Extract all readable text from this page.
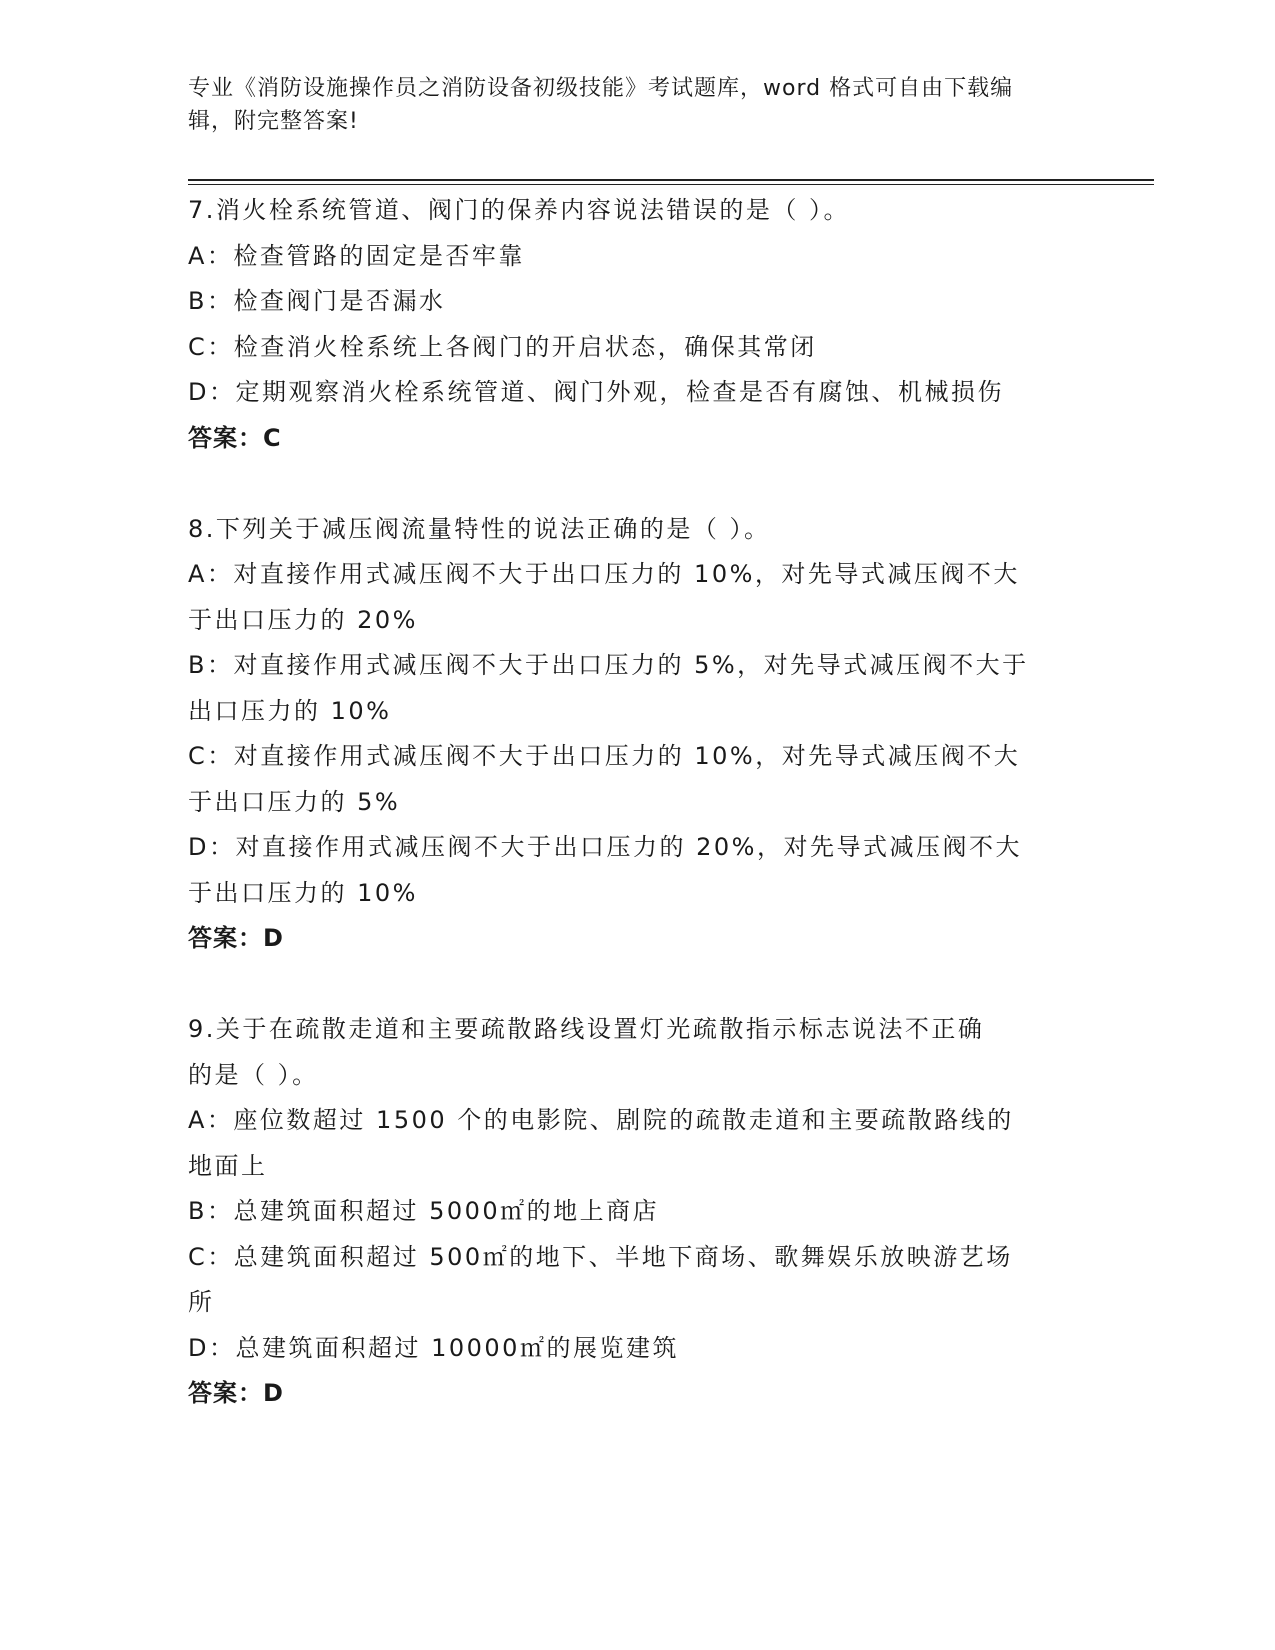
专业《消防设施操作员之消防设备初级技能》考试题库，word 格式可自由下载编
辑，附完整答案!
7.消火栓系统管道、阀门的保养内容说法错误的是（ ）。
A：检查管路的固定是否牢靠
B：检查阀门是否漏水
C：检查消火栓系统上各阀门的开启状态，确保其常闭
D：定期观察消火栓系统管道、阀门外观，检查是否有腐蚀、机械损伤
答案：C
8.下列关于减压阀流量特性的说法正确的是（ ）。
A：对直接作用式减压阀不大于出口压力的 10%，对先导式减压阀不大
于出口压力的 20%
B：对直接作用式减压阀不大于出口压力的 5%，对先导式减压阀不大于
出口压力的 10%
C：对直接作用式减压阀不大于出口压力的 10%，对先导式减压阀不大
于出口压力的 5%
D：对直接作用式减压阀不大于出口压力的 20%，对先导式减压阀不大
于出口压力的 10%
答案：D
9.关于在疏散走道和主要疏散路线设置灯光疏散指示标志说法不正确
的是（ ）。
A：座位数超过 1500 个的电影院、剧院的疏散走道和主要疏散路线的
地面上
B：总建筑面积超过 5000㎡的地上商店
C：总建筑面积超过 500㎡的地下、半地下商场、歌舞娱乐放映游艺场
所
D：总建筑面积超过 10000㎡的展览建筑
答案：D
